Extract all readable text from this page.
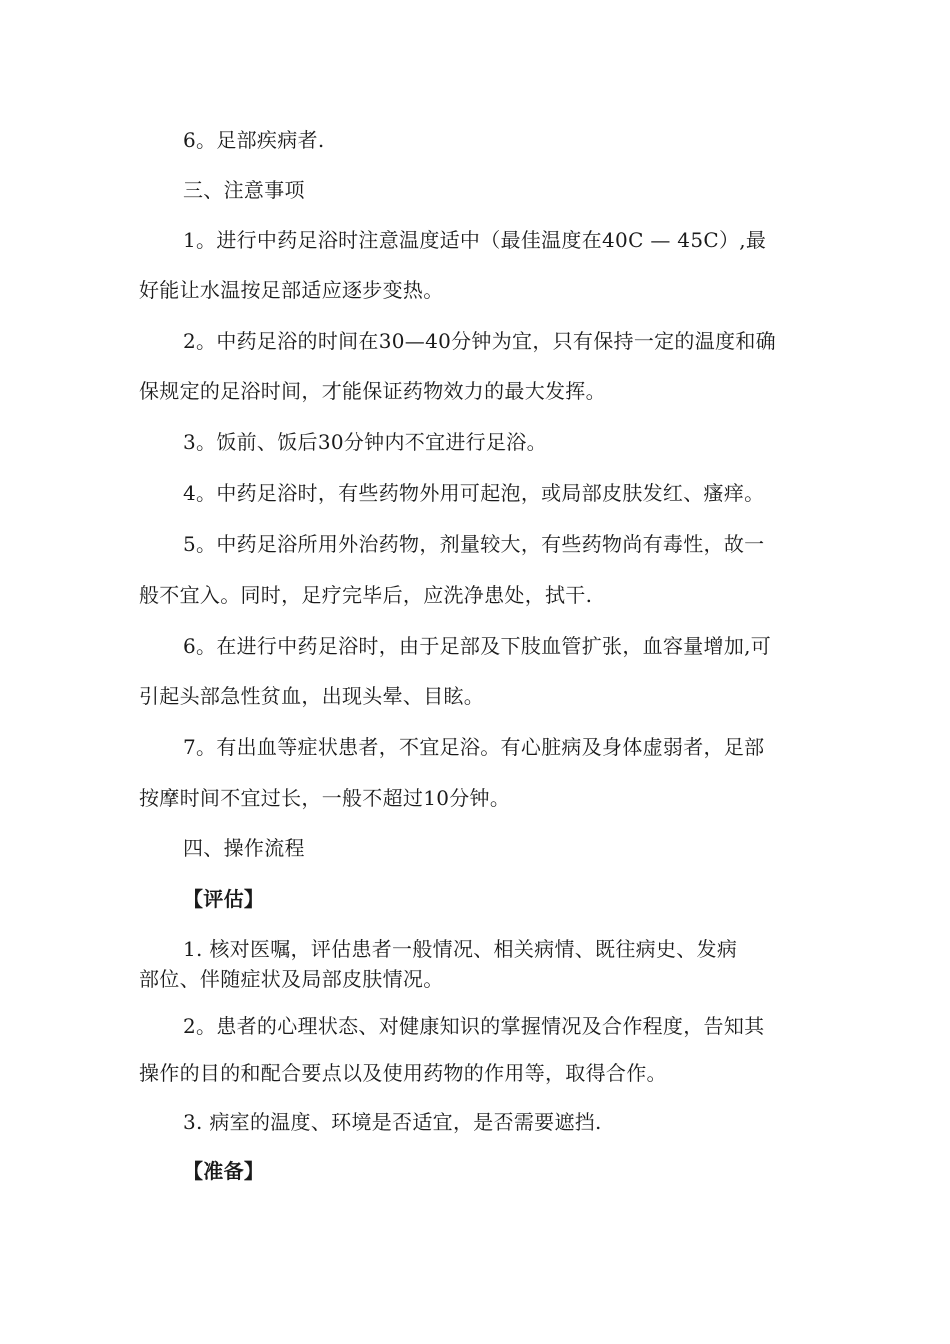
6。足部疾病者.
三、注意事项
1。进行中药足浴时注意温度适中（最佳温度在40C — 45C）,最
好能让水温按足部适应逐步变热。
2。中药足浴的时间在30—40分钟为宜，只有保持一定的温度和确
保规定的足浴时间，才能保证药物效力的最大发挥。
3。饭前、饭后30分钟内不宜进行足浴。
4。中药足浴时，有些药物外用可起泡，或局部皮肤发红、瘙痒。
5。中药足浴所用外治药物，剂量较大，有些药物尚有毒性，故一
般不宜入。同时，足疗完毕后，应洗净患处，拭干.
6。在进行中药足浴时，由于足部及下肢血管扩张，血容量增加,可
引起头部急性贫血，出现头晕、目眩。
7。有出血等症状患者，不宜足浴。有心脏病及身体虚弱者，足部
按摩时间不宜过长，一般不超过10分钟。
四、操作流程
【评估】
1. 核对医嘱，评估患者一般情况、相关病情、既往病史、发病
部位、伴随症状及局部皮肤情况。
2。患者的心理状态、对健康知识的掌握情况及合作程度，告知其
操作的目的和配合要点以及使用药物的作用等，取得合作。
3. 病室的温度、环境是否适宜，是否需要遮挡.
【准备】
